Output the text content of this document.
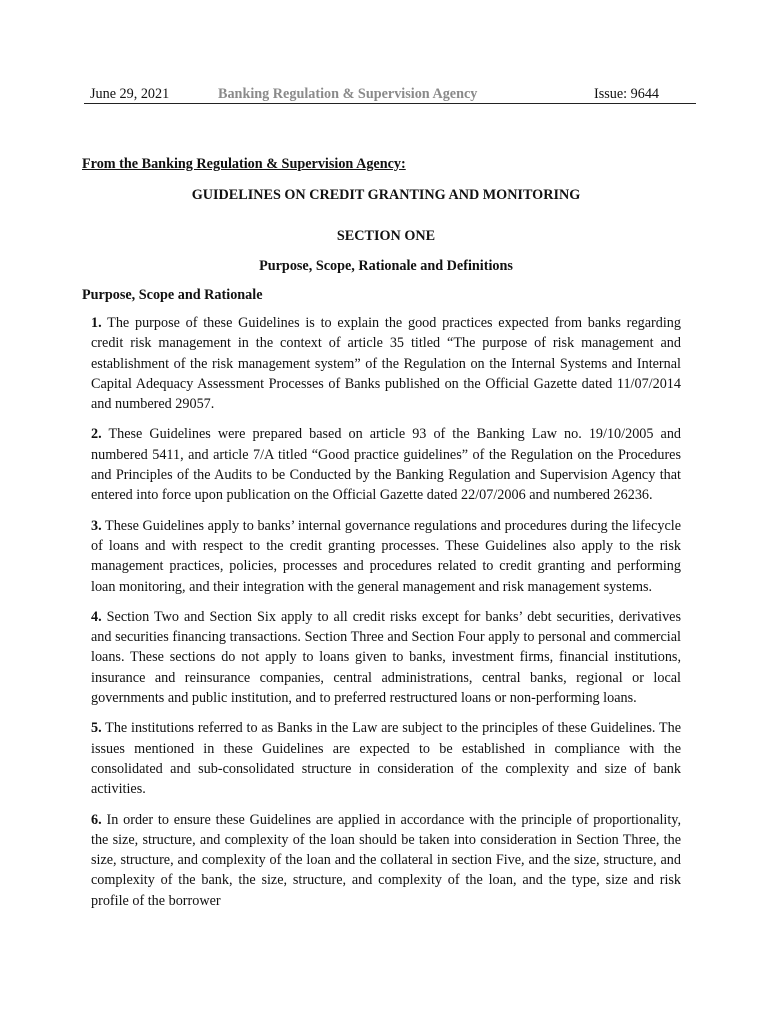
June 29, 2021	Banking Regulation & Supervision Agency	Issue: 9644
From the Banking Regulation & Supervision Agency:
GUIDELINES ON CREDIT GRANTING AND MONITORING
SECTION ONE
Purpose, Scope, Rationale and Definitions
Purpose, Scope and Rationale

1. The purpose of these Guidelines is to explain the good practices expected from banks regarding credit risk management in the context of article 35 titled “The purpose of risk management and establishment of the risk management system” of the Regulation on the Internal Systems and Internal Capital Adequacy Assessment Processes of Banks published on the Official Gazette dated 11/07/2014 and numbered 29057.

2. These Guidelines were prepared based on article 93 of the Banking Law no. 19/10/2005 and numbered 5411, and article 7/A titled “Good practice guidelines” of the Regulation on the Procedures and Principles of the Audits to be Conducted by the Banking Regulation and Supervision Agency that entered into force upon publication on the Official Gazette dated 22/07/2006 and numbered 26236.

3. These Guidelines apply to banks’ internal governance regulations and procedures during the lifecycle of loans and with respect to the credit granting processes. These Guidelines also apply to the risk management practices, policies, processes and procedures related to credit granting and performing loan monitoring, and their integration with the general management and risk management systems.

4. Section Two and Section Six apply to all credit risks except for banks’ debt securities, derivatives and securities financing transactions. Section Three and Section Four apply to personal and commercial loans. These sections do not apply to loans given to banks, investment firms, financial institutions, insurance and reinsurance companies, central administrations, central banks, regional or local governments and public institution, and to preferred restructured loans or non-performing loans.

5. The institutions referred to as Banks in the Law are subject to the principles of these Guidelines. The issues mentioned in these Guidelines are expected to be established in compliance with the consolidated and sub-consolidated structure in consideration of the complexity and size of bank activities.

6. In order to ensure these Guidelines are applied in accordance with the principle of proportionality, the size, structure, and complexity of the loan should be taken into consideration in Section Three, the size, structure, and complexity of the loan and the collateral in section Five, and the size, structure, and complexity of the bank, the size, structure, and complexity of the loan, and the type, size and risk profile of the borrower
